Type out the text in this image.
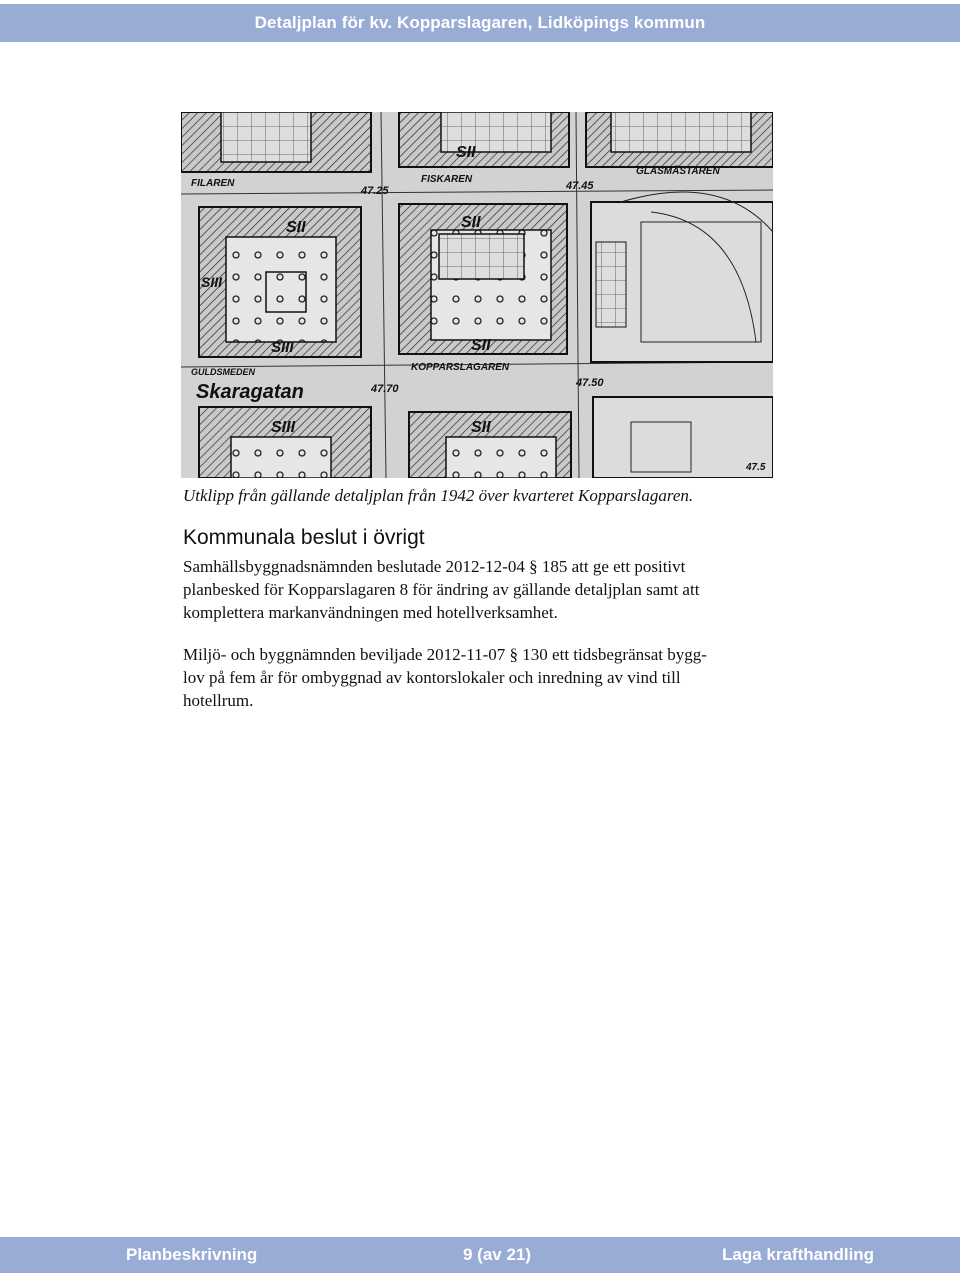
Detaljplan för kv. Kopparslagaren, Lidköpings kommun
FILAREN	FISKAREN
GLASMÄSTAREN
47.25	47.45
GULDSMEDEN
Skaragatan
KOPPARSLAGAREN
47.70	47.50
47.5
SII
SIII
SIII
SII
SII
SII
SIII	SII
Utklipp från gällande detaljplan från 1942 över kvarteret Kopparslagaren.
Kommunala beslut i övrigt
Samhällsbyggnadsnämnden beslutade 2012-12-04 § 185 att ge ett positivt
planbesked för Kopparslagaren 8 för ändring av gällande detaljplan samt att
komplettera markanvändningen med hotellverksamhet.
Miljö- och byggnämnden beviljade 2012-11-07 § 130 ett tidsbegränsat bygg-
lov på fem år för ombyggnad av kontorslokaler och inredning av vind till
hotellrum.
Planbeskrivning	9 (av 21)	Laga krafthandling
